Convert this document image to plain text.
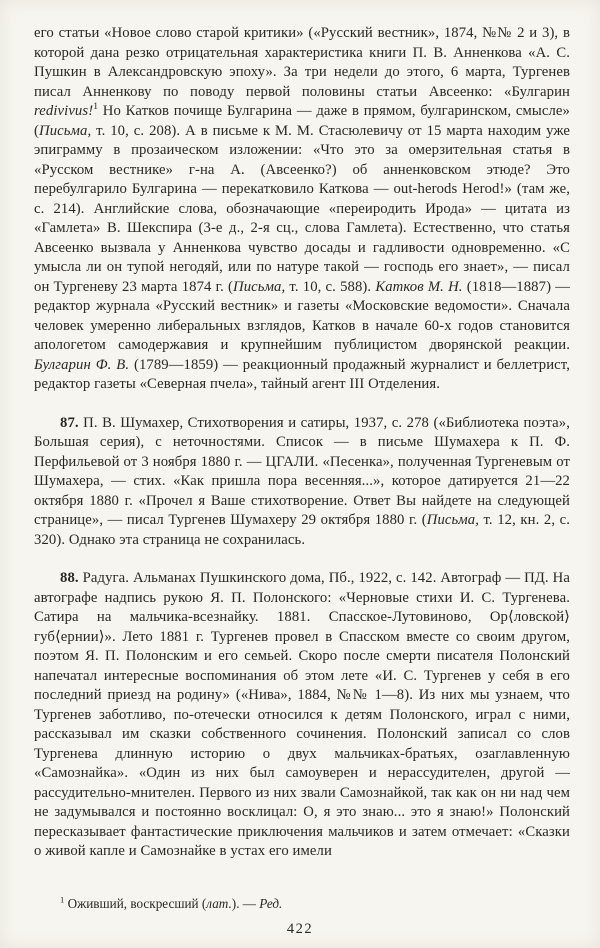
его статьи «Новое слово старой критики» («Русский вестник», 1874, №№ 2 и 3), в которой дана резко отрицательная характеристика книги П. В. Анненкова «А. С. Пушкин в Александровскую эпоху». За три недели до этого, 6 марта, Тургенев писал Анненкову по поводу первой половины статьи Авсеенко: «Булгарин redivivus!$^1$ Но Катков почище Булгарина — даже в прямом, булгаринском, смысле» (Письма, т. 10, с. 208). А в письме к М. М. Стасюлевичу от 15 марта находим уже эпиграмму в прозаическом изложении: «Что это за омерзительная статья в «Русском вестнике» г-на А. (Авсеенко?) об анненковском этюде? Это перебулгарило Булгарина — перекатковило Каткова — out-herods Herod!» (там же, с. 214). Английские слова, обозначающие «переиродить Ирода» — цитата из «Гамлета» В. Шекспира (3-е д., 2-я сц., слова Гамлета). Естественно, что статья Авсеенко вызвала у Анненкова чувство досады и гадливости одновременно. «С умысла ли он тупой негодяй, или по натуре такой — господь его знает», — писал он Тургеневу 23 марта 1874 г. (Письма, т. 10, с. 588). Катков М. Н. (1818—1887) — редактор журнала «Русский вестник» и газеты «Московские ведомости». Сначала человек умеренно либеральных взглядов, Катков в начале 60-х годов становится апологетом самодержавия и крупнейшим публицистом дворянской реакции. Булгарин Ф. В. (1789—1859) — реакционный продажный журналист и беллетрист, редактор газеты «Северная пчела», тайный агент III Отделения.

87. П. В. Шумахер, Стихотворения и сатиры, 1937, с. 278 («Библиотека поэта», Большая серия), с неточностями. Список — в письме Шумахера к П. Ф. Перфильевой от 3 ноября 1880 г. — ЦГАЛИ. «Песенка», полученная Тургеневым от Шумахера, — стих. «Как пришла пора весенняя...», которое датируется 21—22 октября 1880 г. «Прочел я Ваше стихотворение. Ответ Вы найдете на следующей странице», — писал Тургенев Шумахеру 29 октября 1880 г. (Письма, т. 12, кн. 2, с. 320). Однако эта страница не сохранилась.

88. Радуга. Альманах Пушкинского дома, Пб., 1922, с. 142. Автограф — ПД. На автографе надпись рукою Я. П. Полонского: «Черновые стихи И. С. Тургенева. Сатира на мальчика-всезнайку. 1881. Спасское-Лутовиново, Ор⟨ловской⟩ губ⟨ернии⟩». Лето 1881 г. Тургенев провел в Спасском вместе со своим другом, поэтом Я. П. Полонским и его семьей. Скоро после смерти писателя Полонский напечатал интересные воспоминания об этом лете «И. С. Тургенев у себя в его последний приезд на родину» («Нива», 1884, №№ 1—8). Из них мы узнаем, что Тургенев заботливо, по-отечески относился к детям Полонского, играл с ними, рассказывал им сказки собственного сочинения. Полонский записал со слов Тургенева длинную историю о двух мальчиках-братьях, озаглавленную «Самознайка». «Один из них был самоуверен и нерассудителен, другой — рассудительно-мнителен. Первого из них звали Самознайкой, так как он ни над чем не задумывался и постоянно восклицал: О, я это знаю... это я знаю!» Полонский пересказывает фантастические приключения мальчиков и затем отмечает: «Сказки о живой капле и Самознайке в устах его имели

$^1$ Оживший, воскресший (лат.). — Ред.

422
